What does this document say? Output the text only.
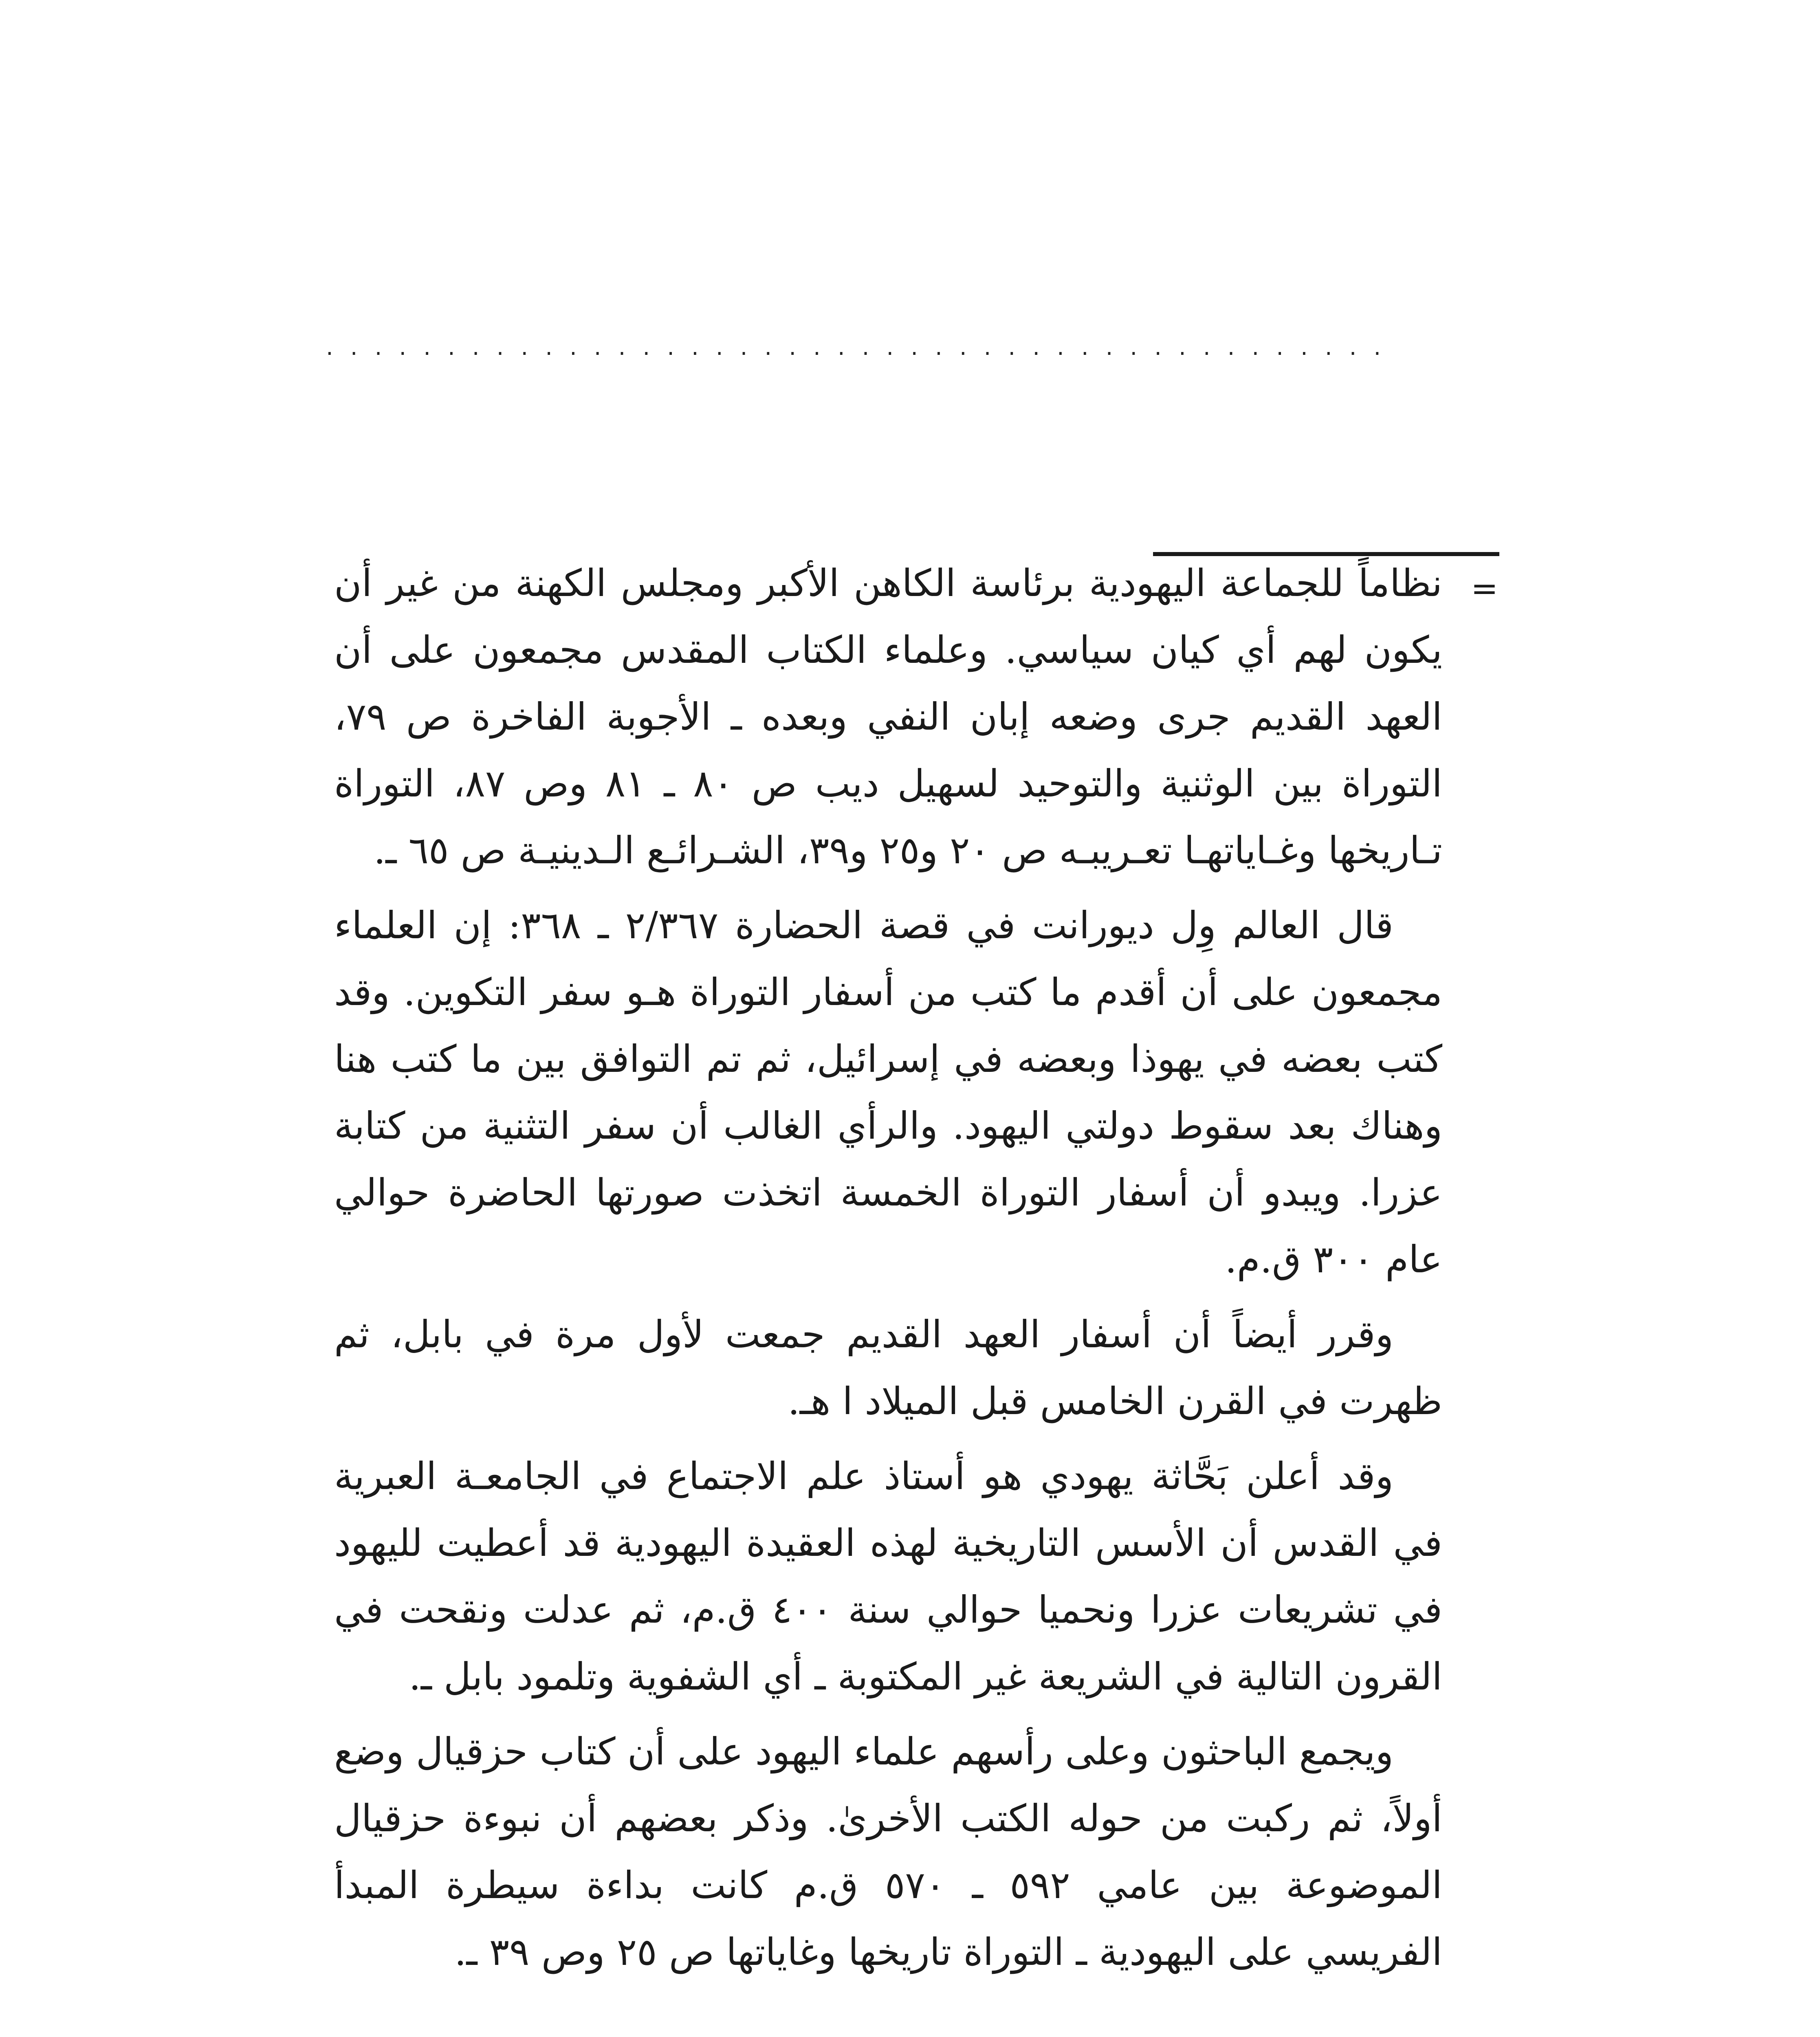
............................................
=

نظاماً للجماعة اليهودية برئاسة الكاهن الأكبر ومجلس الكهنة من غير أن يكون لهم أي كيان سياسي. وعلماء الكتاب المقدس مجمعون على أن العهد القديم جرى وضعه إبان النفي وبعده ـ الأجوبة الفاخرة ص ٧٩، التوراة بين الوثنية والتوحيد لسهيل ديب ص ٨٠ ـ ٨١ وص ٨٧، التوراة تـاريخها وغـاياتهـا تعـريبـه ص ٢٠ و٢٥ و٣٩، الشـرائـع الـدينيـة ص ٦٥ ـ.

قال العالم وِل ديورانت في قصة الحضارة ٢/٣٦٧ ـ ٣٦٨: إن العلماء مجمعون على أن أقدم ما كتب من أسفار التوراة هـو سفر التكوين. وقد كتب بعضه في يهوذا وبعضه في إسرائيل، ثم تم التوافق بين ما كتب هنا وهناك بعد سقوط دولتي اليهود. والرأي الغالب أن سفر التثنية من كتابة عزرا. ويبدو أن أسفار التوراة الخمسة اتخذت صورتها الحاضرة حوالي عام ٣٠٠ ق.م.

وقرر أيضاً أن أسفار العهد القديم جمعت لأول مرة في بابل، ثم ظهرت في القرن الخامس قبل الميلاد ا هـ.

وقد أعلن بَحَّاثة يهودي هو أستاذ علم الاجتماع في الجامعـة العبرية في القدس أن الأسس التاريخية لهذه العقيدة اليهودية قد أعطيت لليهود في تشريعات عزرا ونحميا حوالي سنة ٤٠٠ ق.م، ثم عدلت ونقحت في القرون التالية في الشريعة غير المكتوبة ـ أي الشفوية وتلمود بابل ـ.

ويجمع الباحثون وعلى رأسهم علماء اليهود على أن كتاب حزقيال وضع أولاً، ثم ركبت من حوله الكتب الأخرىٰ. وذكر بعضهم أن نبوءة حزقيال الموضوعة بين عامي ٥٩٢ ـ ٥٧٠ ق.م كانت بداءة سيطرة المبدأ الفريسي على اليهودية ـ التوراة تاريخها وغاياتها ص ٢٥ وص ٣٩ ـ.
